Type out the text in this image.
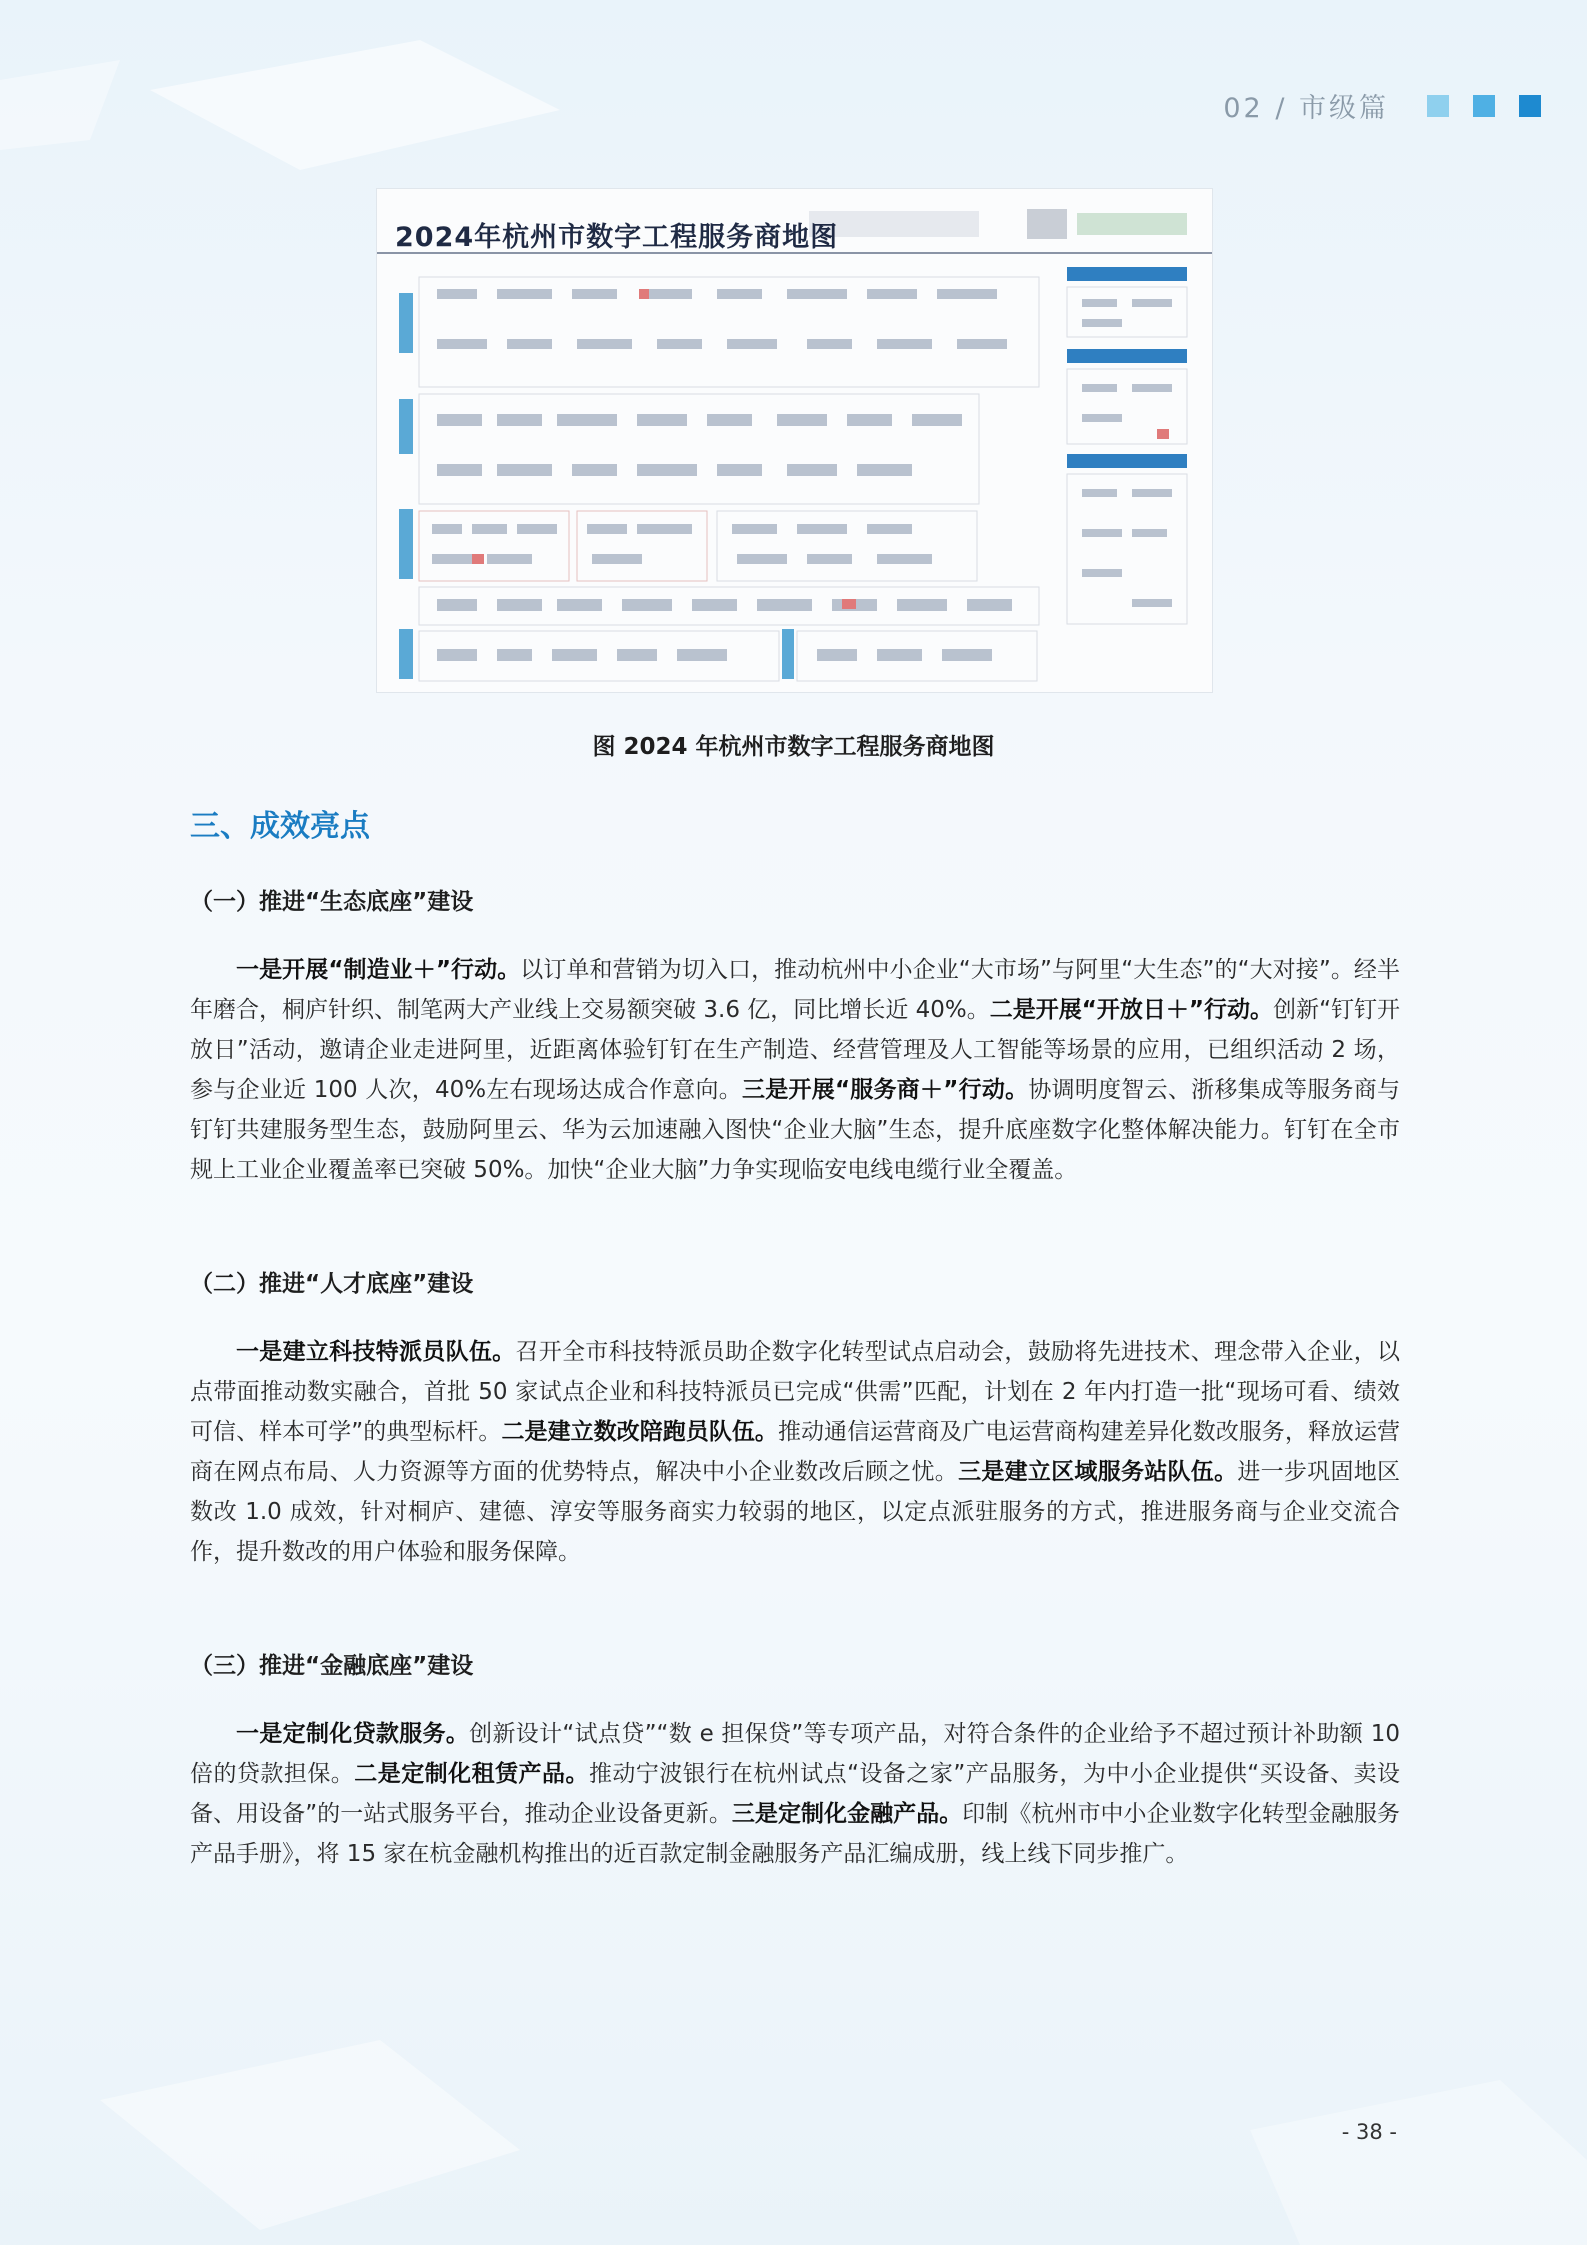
02 / 市级篇
2024年杭州市数字工程服务商地图
图 2024 年杭州市数字工程服务商地图
三、成效亮点
（一）推进“生态底座”建设
一是开展“制造业＋”行动。以订单和营销为切入口，推动杭州中小企业“大市场”与阿里“大生态”的“大对接”。经半年磨合，桐庐针织、制笔两大产业线上交易额突破 3.6 亿，同比增长近 40%。二是开展“开放日＋”行动。创新“钉钉开放日”活动，邀请企业走进阿里，近距离体验钉钉在生产制造、经营管理及人工智能等场景的应用，已组织活动 2 场，参与企业近 100 人次，40%左右现场达成合作意向。三是开展“服务商＋”行动。协调明度智云、浙移集成等服务商与钉钉共建服务型生态，鼓励阿里云、华为云加速融入图快“企业大脑”生态，提升底座数字化整体解决能力。钉钉在全市规上工业企业覆盖率已突破 50%。加快“企业大脑”力争实现临安电线电缆行业全覆盖。
（二）推进“人才底座”建设
一是建立科技特派员队伍。召开全市科技特派员助企数字化转型试点启动会，鼓励将先进技术、理念带入企业，以点带面推动数实融合，首批 50 家试点企业和科技特派员已完成“供需”匹配，计划在 2 年内打造一批“现场可看、绩效可信、样本可学”的典型标杆。二是建立数改陪跑员队伍。推动通信运营商及广电运营商构建差异化数改服务，释放运营商在网点布局、人力资源等方面的优势特点，解决中小企业数改后顾之忧。三是建立区域服务站队伍。进一步巩固地区数改 1.0 成效，针对桐庐、建德、淳安等服务商实力较弱的地区，以定点派驻服务的方式，推进服务商与企业交流合作，提升数改的用户体验和服务保障。
（三）推进“金融底座”建设
一是定制化贷款服务。创新设计“试点贷”“数 e 担保贷”等专项产品，对符合条件的企业给予不超过预计补助额 10 倍的贷款担保。二是定制化租赁产品。推动宁波银行在杭州试点“设备之家”产品服务，为中小企业提供“买设备、卖设备、用设备”的一站式服务平台，推动企业设备更新。三是定制化金融产品。印制《杭州市中小企业数字化转型金融服务产品手册》，将 15 家在杭金融机构推出的近百款定制金融服务产品汇编成册，线上线下同步推广。
- 38 -
